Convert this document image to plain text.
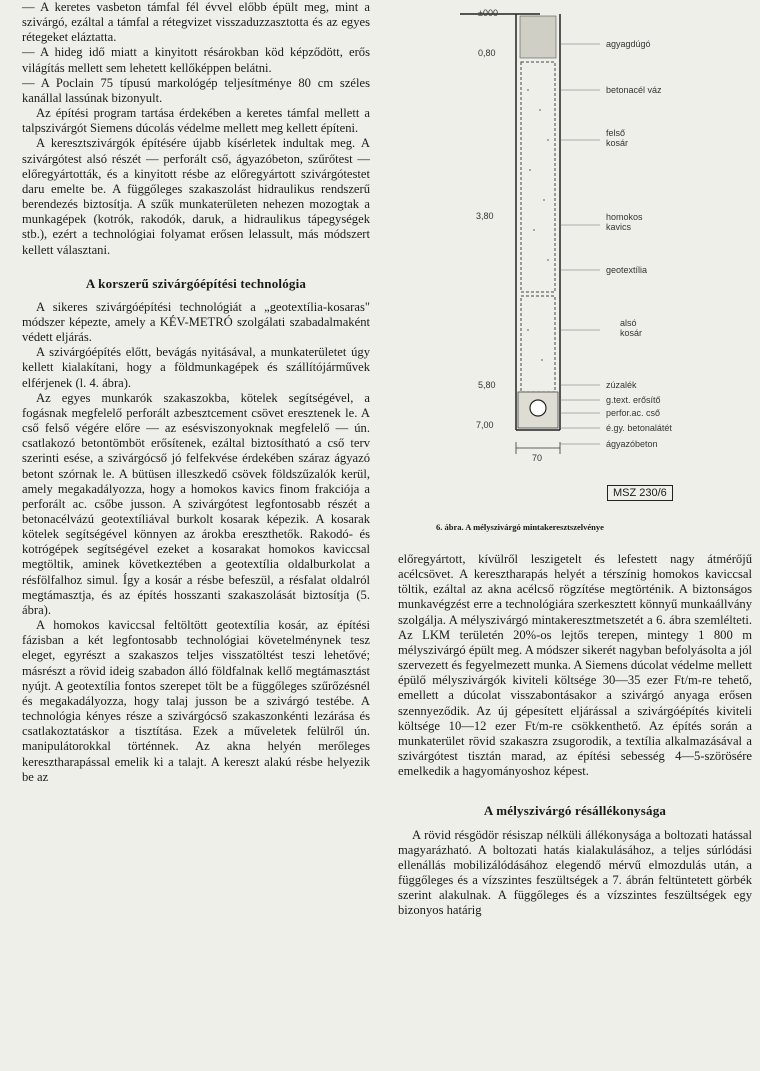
— A keretes vasbeton támfal fél évvel előbb épült meg, mint a szivárgó, ezáltal a támfal a rétegvizet visszaduzzasztotta és az egyes rétegeket eláztatta.

— A hideg idő miatt a kinyitott résárokban köd képződött, erős világítás mellett sem lehetett kellőképpen belátni.

— A Poclain 75 típusú markológép teljesítménye 80 cm széles kanállal lassúnak bizonyult.

Az építési program tartása érdekében a keretes támfal mellett a talpszivárgót Siemens dúcolás védelme mellett meg kellett építeni.

A keresztszivárgók építésére újabb kísérletek indultak meg. A szivárgótest alsó részét — perforált cső, ágyazóbeton, szűrőtest — előregyártották, és a kinyitott résbe az előregyártott szivárgótestet daru emelte be. A függőleges szakaszolást hidraulikus rendszerű berendezés biztosítja. A szűk munkaterületen nehezen mozogtak a munkagépek (kotrók, rakodók, daruk, a hidraulikus tápegységek stb.), ezért a technológiai folyamat erősen lelassult, más módszert kellett választani.

A korszerű szivárgóépítési technológia

A sikeres szivárgóépítési technológiát a „geotextília-kosaras" módszer képezte, amely a KÉV-METRÓ szolgálati szabadalmaként védett eljárás.

A szivárgóépítés előtt, bevágás nyitásával, a munkaterületet úgy kellett kialakítani, hogy a földmunkagépek és szállítójárművek elférjenek (l. 4. ábra).

Az egyes munkarók szakaszokba, kötelek segítségével, a fogásnak megfelelő perforált azbesztcement csövet eresztenek le. A cső felső végére előre — az esésviszonyoknak megfelelő — ún. csatlakozó betontömböt erősítenek, ezáltal biztosítható a cső terv szerinti esése, a szivárgócső jó felfekvése érdekében száraz ágyazó betont szórnak le. A bütüsen illeszkedő csövek földszűzalók kerül, amely megakadályozza, hogy a homokos kavics finom frakciója a perforált ac. csőbe jusson. A szivárgótest legfontosabb részét a betonacélvázú geotextíliával burkolt kosarak képezik. A kosarak kötelek segítségével könnyen az árokba ereszthetők. Rakodó- és kotrógépek segítségével ezeket a kosarakat homokos kaviccsal megtöltik, aminek következtében a geotextília oldalburkolat a résfölfalhoz simul. Így a kosár a résbe befeszül, a résfalat oldalról megtámasztja, és az építés hosszanti szakaszolását biztosítja (5. ábra).

A homokos kaviccsal feltöltött geotextília kosár, az építési fázisban a két legfontosabb technológiai követelménynek tesz eleget, egyrészt a szakaszos teljes visszatöltést teszi lehetővé; másrészt a rövid ideig szabadon álló földfalnak kellő megtámasztást nyújt. A geotextília fontos szerepet tölt be a függőleges szűrőzésnél és megakadályozza, hogy talaj jusson be a szivárgó testébe. A technológia kényes része a szivárgócső szakaszonkénti lezárása és csatlakoztatáskor a tisztítása. Ezek a műveletek felülről ún. manipulátorokkal történnek. Az akna helyén merőleges keresztharapással emelik ki a talajt. A kereszt alakú résbe helyezik be az

±000
0,80
3,80
5,80
7,00
70
agyagdúgó
betonacél váz
felső kosár
homokos kavics
geotextília
alsó kosár
zúzalék
g.text. erősítő
perfor.ac. cső
é.gy. betonalátét
ágyazóbeton
MSZ 230/6
6. ábra. A mélyszivárgó mintakeresztszelvénye

előregyártott, kívülről leszigetelt és lefestett nagy átmérőjű acélcsövet. A keresztharapás helyét a térszínig homokos kaviccsal töltik, ezáltal az akna acélcső rögzítése megtörténik. A biztonságos munkavégzést erre a technológiára szerkesztett könnyű munkaállvány szolgálja. A mélyszivárgó mintakeresztmetszetét a 6. ábra szemlélteti. Az LKM területén 20%-os lejtős terepen, mintegy 1 800 m mélyszivárgó épült meg. A módszer sikerét nagyban befolyásolta a jól szervezett és fegyelmezett munka. A Siemens dúcolat védelme mellett épülő mélyszivárgók kiviteli költsége 30—35 ezer Ft/m-re tehető, emellett a dúcolat visszabontásakor a szivárgó anyaga erősen szennyeződik. Az új gépesített eljárással a szivárgóépítés kiviteli költsége 10—12 ezer Ft/m-re csökkenthető. Az építés során a munkaterület rövid szakaszra zsugorodik, a textília alkalmazásával a szivárgótest tisztán marad, az építési sebesség 4—5-szörösére emelkedik a hagyományoshoz képest.

A mélyszivárgó résállékonysága

A rövid résgödör résiszap nélküli állékonysága a boltozati hatással magyarázható. A boltozati hatás kialakulásához, a teljes súrlódási ellenállás mobilizálódásához elegendő mérvű elmozdulás után, a függőleges és a vízszintes feszültségek a 7. ábrán feltüntetett görbék szerint alakulnak. A függőleges és a vízszintes feszültségek egy bizonyos határig
